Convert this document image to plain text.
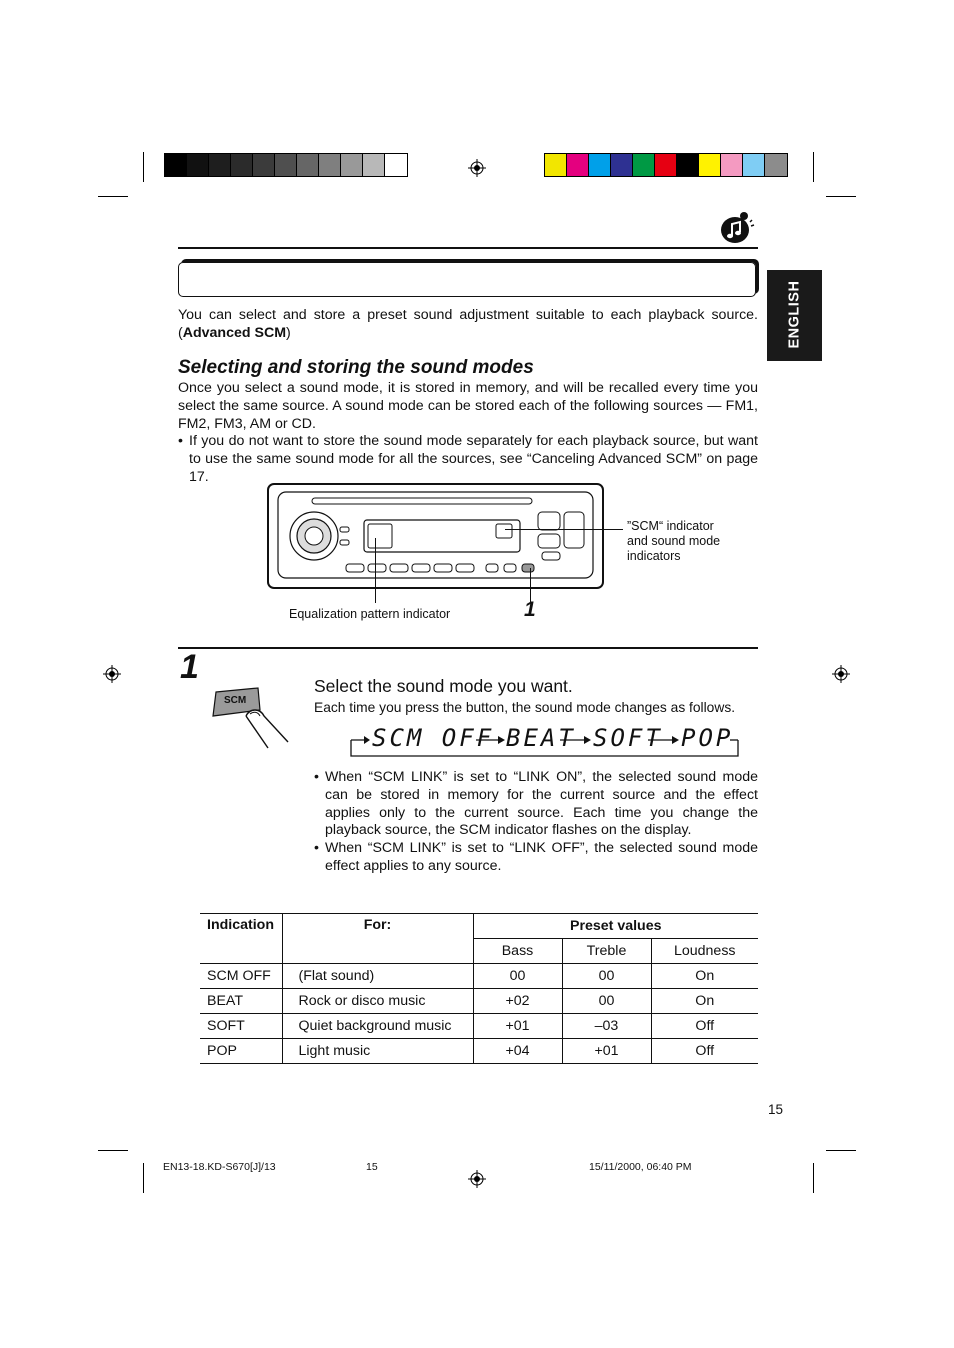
ENGLISH
You can select and store a preset sound adjustment suitable to each playback source. (Advanced SCM)
Selecting and storing the sound modes
Once you select a sound mode, it is stored in memory, and will be recalled every time you select the same source. A sound mode can be stored each of the following sources — FM1, FM2, FM3, AM or CD.
• If you do not want to store the sound mode separately for each playback source, but want to use the same sound mode for all the sources, see “Canceling Advanced SCM” on page 17.
”SCM“ indicator and sound mode indicators
Equalization pattern indicator	1
1
SCM
Select the sound mode you want.
Each time you press the button, the sound mode changes as follows.
SCM OFF BEAT SOFT POP
• When “SCM LINK” is set to “LINK ON”, the selected sound mode can be stored in memory for the current source and the effect applies only to the current source. Each time you change the playback source, the SCM indicator flashes on the display.
• When “SCM LINK” is set to “LINK OFF”, the selected sound mode effect applies to any source.
Indication	For:	Preset values		
		Bass	Treble	Loudness
SCM OFF	(Flat sound)	00	00	On
BEAT	Rock or disco music	+02	00	On
SOFT	Quiet background music	+01	–03	Off
POP	Light music	+04	+01	Off
15
EN13-18.KD-S670[J]/13	15	15/11/2000, 06:40 PM
